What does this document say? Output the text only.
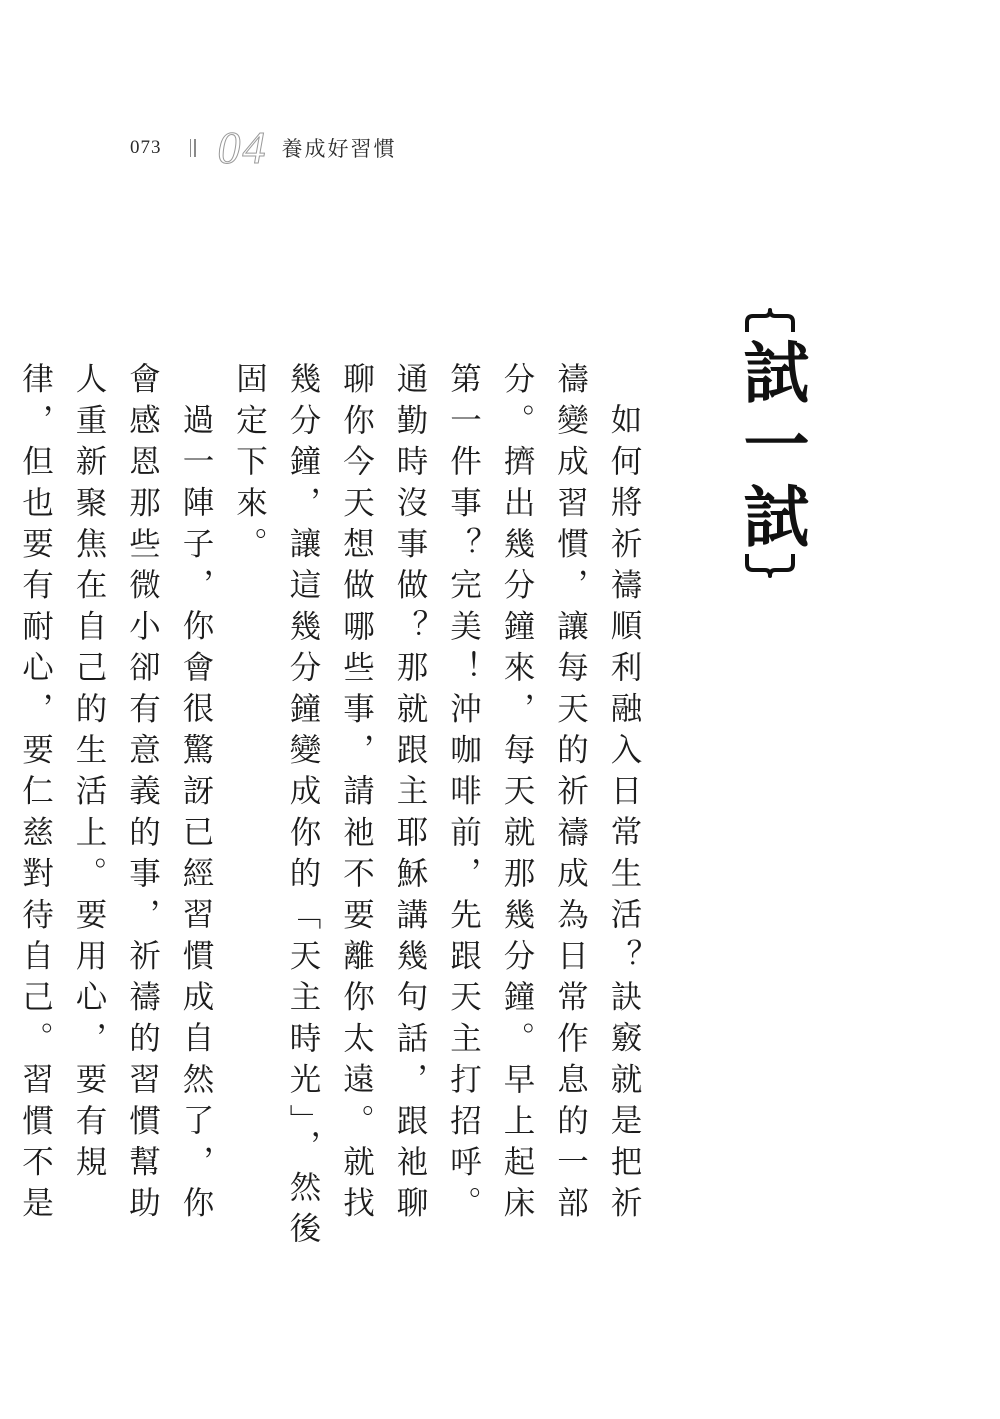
073 04 養成好習慣
試一試

如何將祈禱順利融入日常生活？訣竅就是把祈禱變成習慣，讓每天的祈禱成為日常作息的一部分。擠出幾分鐘來，每天就那幾分鐘。早上起床第一件事？完美！沖咖啡前，先跟天主打招呼。通勤時沒事做？那就跟主耶穌講幾句話，跟祂聊聊你今天想做哪些事，請祂不要離你太遠。就找幾分鐘，讓這幾分鐘變成你的「天主時光」，然後固定下來。

過一陣子，你會很驚訝已經習慣成自然了，你會感恩那些微小卻有意義的事，祈禱的習慣幫助人重新聚焦在自己的生活上。要用心，要有規律，但也要有耐心，要仁慈對待自己。習慣不是
